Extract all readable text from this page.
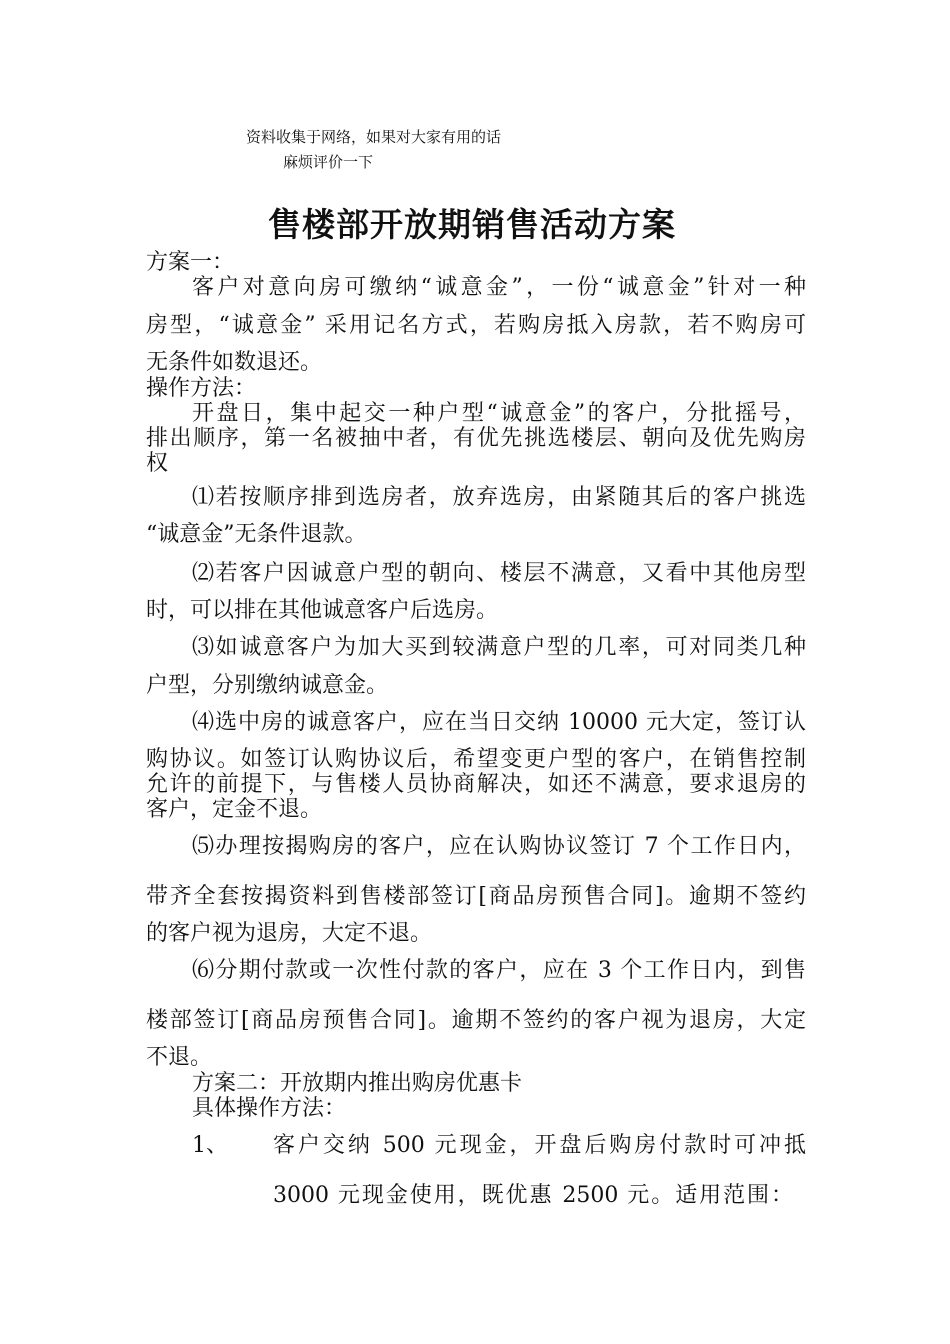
资料收集于网络，如果对大家有用的话
麻烦评价一下
售楼部开放期销售活动方案
方案一：
客户对意向房可缴纳“诚意金”，一份“诚意金”针对一种
房型，“诚意金” 采用记名方式，若购房抵入房款，若不购房可
无条件如数退还。
操作方法：
开盘日，集中起交一种户型“诚意金”的客户，分批摇号，
排出顺序，第一名被抽中者，有优先挑选楼层、朝向及优先购房
权
⑴若按顺序排到选房者，放弃选房，由紧随其后的客户挑选
“诚意金”无条件退款。
⑵若客户因诚意户型的朝向、楼层不满意，又看中其他房型
时，可以排在其他诚意客户后选房。
⑶如诚意客户为加大买到较满意户型的几率，可对同类几种
户型，分别缴纳诚意金。
⑷选中房的诚意客户，应在当日交纳 10000 元大定，签订认
购协议。如签订认购协议后，希望变更户型的客户，在销售控制
允许的前提下，与售楼人员协商解决，如还不满意，要求退房的
客户，定金不退。
⑸办理按揭购房的客户，应在认购协议签订 7 个工作日内，
带齐全套按揭资料到售楼部签订[商品房预售合同]。逾期不签约
的客户视为退房，大定不退。
⑹分期付款或一次性付款的客户，应在 3 个工作日内，到售
楼部签订[商品房预售合同]。逾期不签约的客户视为退房，大定
不退。
方案二：开放期内推出购房优惠卡
具体操作方法：
1、 客户交纳 500 元现金，开盘后购房付款时可冲抵
3000 元现金使用，既优惠 2500 元。适用范围：
